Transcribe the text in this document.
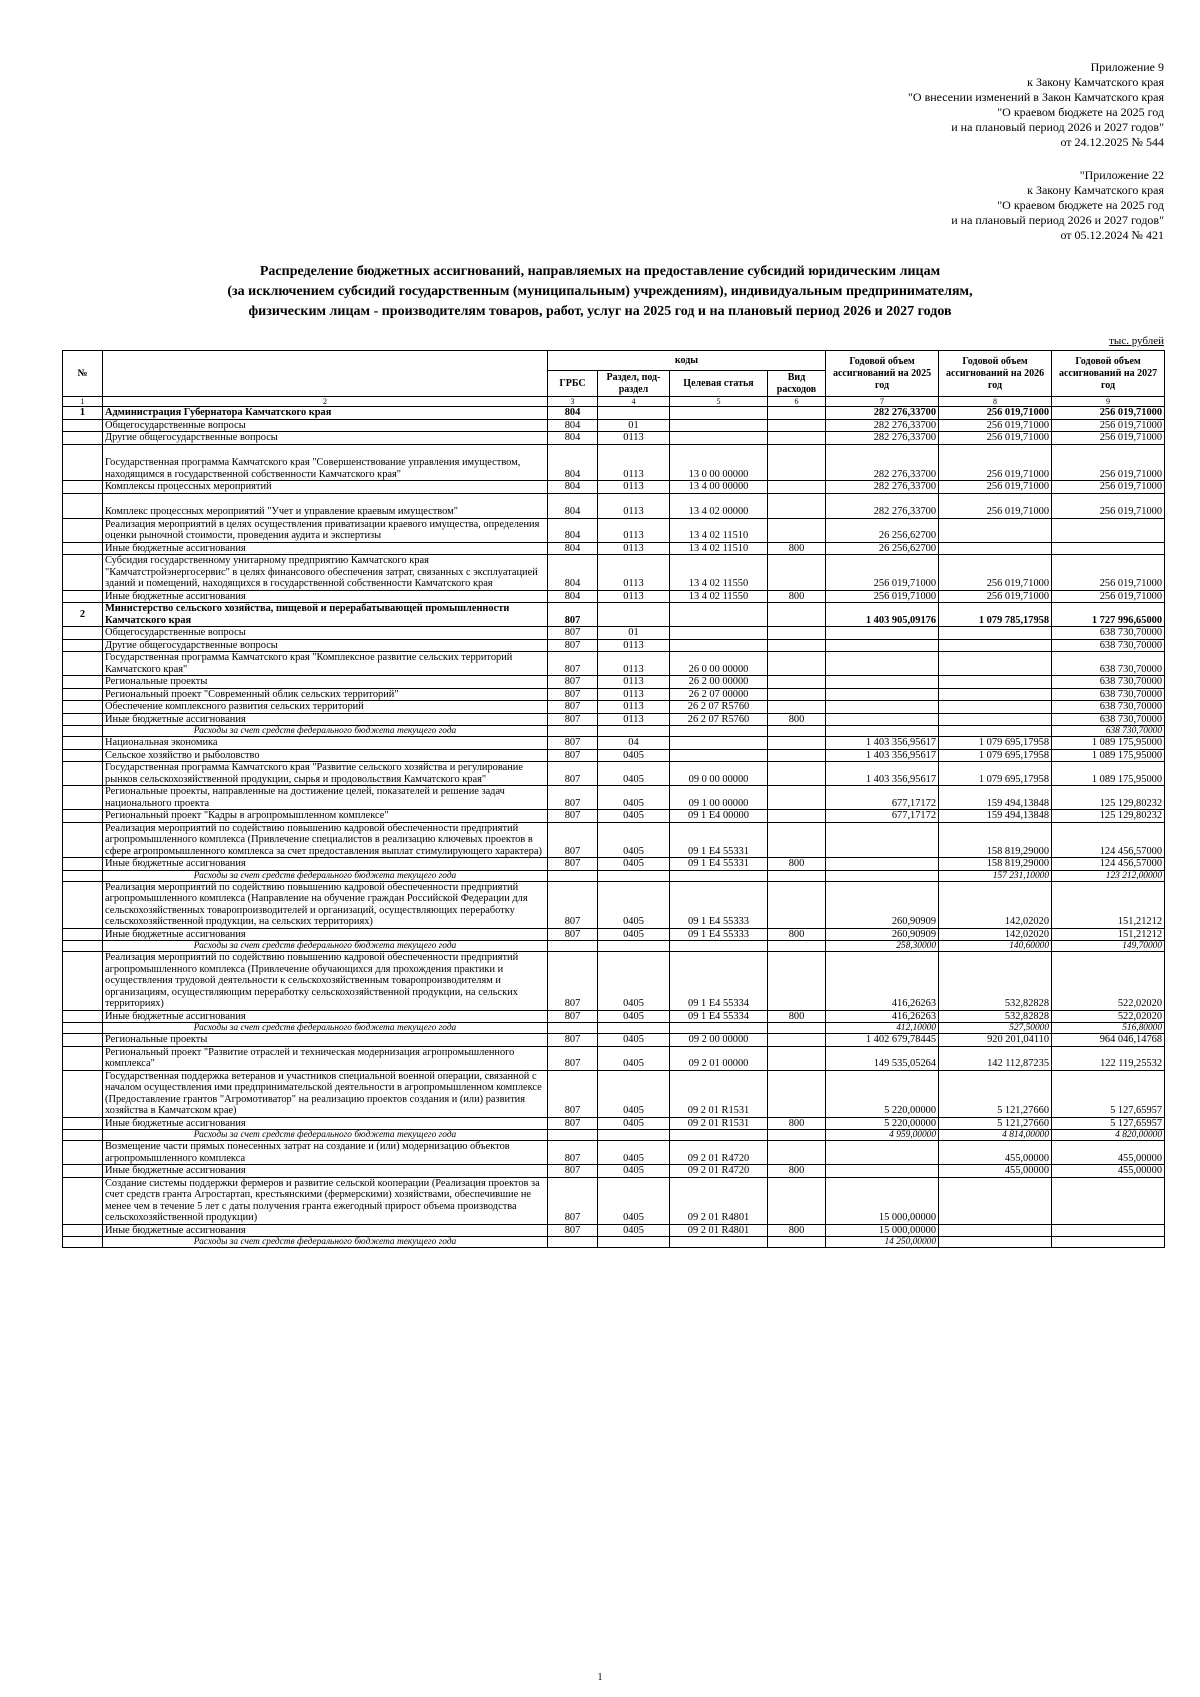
Приложение 9
к Закону Камчатского края
"О внесении изменений в Закон Камчатского края
"О краевом бюджете на 2025 год
и на плановый период 2026 и 2027 годов"
от 24.12.2025 № 544
"Приложение 22
к Закону Камчатского края
"О краевом бюджете на 2025 год
и на плановый период 2026 и 2027 годов"
от 05.12.2024 № 421
Распределение бюджетных ассигнований, направляемых на предоставление субсидий юридическим лицам
(за исключением субсидий государственным (муниципальным) учреждениям), индивидуальным предпринимателям,
физическим лицам - производителям товаров, работ, услуг на 2025 год и на плановый период 2026 и 2027 годов
тыс. рублей
№		коды				Годовой объем ассигнований на 2025 год	Годовой объем ассигнований на 2026 год	Годовой объем ассигнований на 2027 год
		ГРБС	Раздел, под-раздел	Целевая статья	Вид расходов			
1	2	3	4	5	6	7	8	9
1	Администрация Губернатора Камчатского края	804				282 276,33700	256 019,71000	256 019,71000
	Общегосударственные вопросы	804	01			282 276,33700	256 019,71000	256 019,71000
	Другие общегосударственные вопросы	804	0113			282 276,33700	256 019,71000	256 019,71000
	Государственная программа Камчатского края "Совершенствование управления имуществом, находящимся в государственной собственности Камчатского края"	804	0113	13 0 00 00000		282 276,33700	256 019,71000	256 019,71000
	Комплексы процессных мероприятий	804	0113	13 4 00 00000		282 276,33700	256 019,71000	256 019,71000
	Комплекс процессных мероприятий "Учет и управление краевым имуществом"	804	0113	13 4 02 00000		282 276,33700	256 019,71000	256 019,71000
	Реализация мероприятий в целях осуществления приватизации краевого имущества, определения оценки рыночной стоимости, проведения аудита и экспертизы	804	0113	13 4 02 11510		26 256,62700		
	Иные бюджетные ассигнования	804	0113	13 4 02 11510	800	26 256,62700		
	Субсидия государственному унитарному предприятию Камчатского края "Камчатстройэнергосервис" в целях финансового обеспечения затрат, связанных с эксплуатацией зданий и помещений, находящихся в государственной собственности Камчатского края	804	0113	13 4 02 11550		256 019,71000	256 019,71000	256 019,71000
	Иные бюджетные ассигнования	804	0113	13 4 02 11550	800	256 019,71000	256 019,71000	256 019,71000
2	Министерство сельского хозяйства, пищевой и перерабатывающей промышленности Камчатского края	807				1 403 905,09176	1 079 785,17958	1 727 996,65000
	Общегосударственные вопросы	807	01					638 730,70000
	Другие общегосударственные вопросы	807	0113					638 730,70000
	Государственная программа Камчатского края "Комплексное развитие сельских территорий Камчатского края"	807	0113	26 0 00 00000				638 730,70000
	Региональные проекты	807	0113	26 2 00 00000				638 730,70000
	Региональный проект "Современный облик сельских территорий"	807	0113	26 2 07 00000				638 730,70000
	Обеспечение комплексного развития сельских территорий	807	0113	26 2 07 R5760				638 730,70000
	Иные бюджетные ассигнования	807	0113	26 2 07 R5760	800			638 730,70000
	Расходы за счет средств федерального бюджета текущего года							638 730,70000
	Национальная экономика	807	04			1 403 356,95617	1 079 695,17958	1 089 175,95000
	Сельское хозяйство и рыболовство	807	0405			1 403 356,95617	1 079 695,17958	1 089 175,95000
	Государственная программа Камчатского края "Развитие сельского хозяйства и регулирование рынков сельскохозяйственной продукции, сырья и продовольствия Камчатского края"	807	0405	09 0 00 00000		1 403 356,95617	1 079 695,17958	1 089 175,95000
	Региональные проекты, направленные на достижение целей, показателей и решение задач национального проекта	807	0405	09 1 00 00000		677,17172	159 494,13848	125 129,80232
	Региональный проект "Кадры в агропромышленном комплексе"	807	0405	09 1 E4 00000		677,17172	159 494,13848	125 129,80232
	Реализация мероприятий по содействию повышению кадровой обеспеченности предприятий агропромышленного комплекса (Привлечение специалистов в реализацию ключевых проектов в сфере агропромышленного комплекса за счет предоставления выплат стимулирующего характера)	807	0405	09 1 E4 55331			158 819,29000	124 456,57000
	Иные бюджетные ассигнования	807	0405	09 1 E4 55331	800		158 819,29000	124 456,57000
	Расходы за счет средств федерального бюджета текущего года						157 231,10000	123 212,00000
	Реализация мероприятий по содействию повышению кадровой обеспеченности предприятий агропромышленного комплекса (Направление на обучение граждан Российской Федерации для сельскохозяйственных товаропроизводителей и организаций, осуществляющих переработку сельскохозяйственной продукции, на сельских территориях)	807	0405	09 1 E4 55333		260,90909	142,02020	151,21212
	Иные бюджетные ассигнования	807	0405	09 1 E4 55333	800	260,90909	142,02020	151,21212
	Расходы за счет средств федерального бюджета текущего года					258,30000	140,60000	149,70000
	Реализация мероприятий по содействию повышению кадровой обеспеченности предприятий агропромышленного комплекса (Привлечение обучающихся для прохождения практики и осуществления трудовой деятельности к сельскохозяйственным товаропроизводителям и организациям, осуществляющим переработку сельскохозяйственной продукции, на сельских территориях)	807	0405	09 1 E4 55334		416,26263	532,82828	522,02020
	Иные бюджетные ассигнования	807	0405	09 1 E4 55334	800	416,26263	532,82828	522,02020
	Расходы за счет средств федерального бюджета текущего года					412,10000	527,50000	516,80000
	Региональные проекты	807	0405	09 2 00 00000		1 402 679,78445	920 201,04110	964 046,14768
	Региональный проект "Развитие отраслей и техническая модернизация агропромышленного комплекса"	807	0405	09 2 01 00000		149 535,05264	142 112,87235	122 119,25532
	Государственная поддержка ветеранов и участников специальной военной операции, связанной с началом осуществления ими предпринимательской деятельности в агропромышленном комплексе (Предоставление грантов "Агромотиватор" на реализацию проектов создания и (или) развития хозяйства в Камчатском крае)	807	0405	09 2 01 R1531		5 220,00000	5 121,27660	5 127,65957
	Иные бюджетные ассигнования	807	0405	09 2 01 R1531	800	5 220,00000	5 121,27660	5 127,65957
	Расходы за счет средств федерального бюджета текущего года					4 959,00000	4 814,00000	4 820,00000
	Возмещение части прямых понесенных затрат на создание и (или) модернизацию объектов агропромышленного комплекса	807	0405	09 2 01 R4720			455,00000	455,00000
	Иные бюджетные ассигнования	807	0405	09 2 01 R4720	800		455,00000	455,00000
	Создание системы поддержки фермеров и развитие сельской кооперации (Реализация проектов за счет средств гранта Агростартап, крестьянскими (фермерскими) хозяйствами, обеспечившие не менее чем в течение 5 лет с даты получения гранта ежегодный прирост объема производства сельскохозяйственной продукции)	807	0405	09 2 01 R4801		15 000,00000		
	Иные бюджетные ассигнования	807	0405	09 2 01 R4801	800	15 000,00000		
	Расходы за счет средств федерального бюджета текущего года					14 250,00000		
1
